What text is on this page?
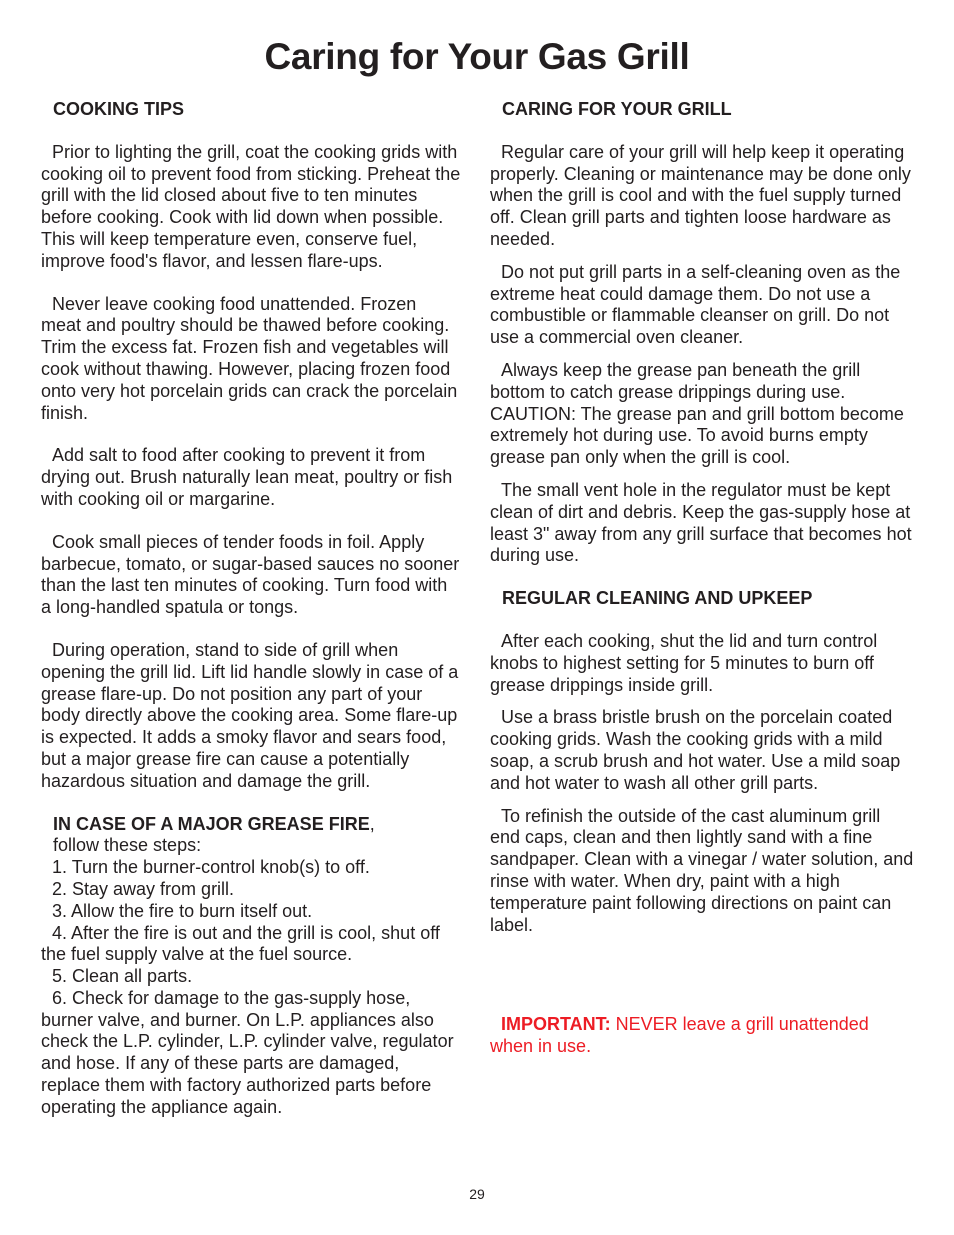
Caring for Your Gas Grill

COOKING TIPS

Prior to lighting the grill, coat the cooking grids with cooking oil to prevent food from sticking. Preheat the grill with the lid closed about five to ten minutes before cooking. Cook with lid down when possible. This will keep temperature even, conserve fuel, improve food's flavor, and lessen flare-ups.

Never leave cooking food unattended. Frozen meat and poultry should be thawed before cooking. Trim the excess fat. Frozen fish and vegetables will cook without thawing. However, placing frozen food onto very hot porcelain grids can crack the porcelain finish.

Add salt to food after cooking to prevent it from drying out. Brush naturally lean meat, poultry or fish with cooking oil or margarine.

Cook small pieces of tender foods in foil. Apply barbecue, tomato, or sugar-based sauces no sooner than the last ten minutes of cooking. Turn food with a long-handled spatula or tongs.

During operation, stand to side of grill when opening the grill lid. Lift lid handle slowly in case of a grease flare-up. Do not position any part of your body directly above the cooking area. Some flare-up is expected. It adds a smoky flavor and sears food, but a major grease fire can cause a potentially hazardous situation and damage the grill.

IN CASE OF A MAJOR GREASE FIRE,
follow these steps:

1. Turn the burner-control knob(s) to off.

2. Stay away from grill.

3. Allow the fire to burn itself out.

4. After the fire is out and the grill is cool, shut off the fuel supply valve at the fuel source.

5. Clean all parts.

6. Check for damage to the gas-supply hose, burner valve, and burner. On L.P. appliances also check the L.P. cylinder, L.P. cylinder valve, regulator and hose. If any of these parts are damaged, replace them with factory authorized parts before operating the appliance again.

CARING FOR YOUR GRILL

Regular care of your grill will help keep it operating properly. Cleaning or maintenance may be done only when the grill is cool and with the fuel supply turned off. Clean grill parts and tighten loose hardware as needed.

Do not put grill parts in a self-cleaning oven as the extreme heat could damage them. Do not use a combustible or flammable cleanser on grill. Do not use a commercial oven cleaner.

Always keep the grease pan beneath the grill bottom to catch grease drippings during use. CAUTION: The grease pan and grill bottom become extremely hot during use. To avoid burns empty grease pan only when the grill is cool.

The small vent hole in the regulator must be kept clean of dirt and debris. Keep the gas-supply hose at least 3" away from any grill surface that becomes hot during use.

REGULAR CLEANING AND UPKEEP

After each cooking, shut the lid and turn control knobs to highest setting for 5 minutes to burn off grease drippings inside grill.

Use a brass bristle brush on the porcelain coated cooking grids. Wash the cooking grids with a mild soap, a scrub brush and hot water. Use a mild soap and hot water to wash all other grill parts.

To refinish the outside of the cast aluminum grill end caps, clean and then lightly sand with a fine sandpaper. Clean with a vinegar / water solution, and rinse with water. When dry, paint with a high temperature paint following directions on paint can label.

IMPORTANT: NEVER leave a grill unattended when in use.

29
